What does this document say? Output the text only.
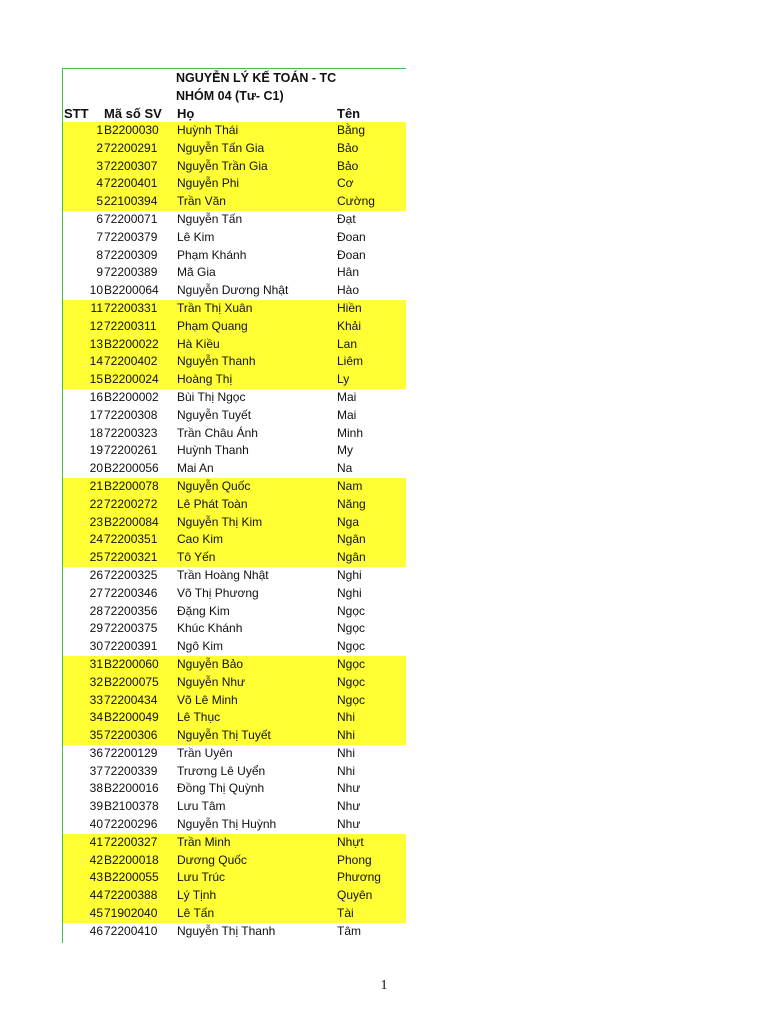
NGUYỄN LÝ KẾ TOÁN - TC
NHÓM 04 (Tư- C1)
STT Mã số SV Họ	Tên
1 B2200030 Huỳnh Thái	Bằng
2 72200291 Nguyễn Tấn Gia	Bảo
3 72200307 Nguyễn Trần Gia	Bảo
4 72200401 Nguyễn Phi	Cơ
5 22100394 Trần Văn	Cường
6 72200071 Nguyễn Tấn	Đạt
7 72200379 Lê Kim	Đoan
8 72200309 Phạm Khánh	Đoan
9 72200389 Mã Gia	Hân
10 B2200064 Nguyễn Dương Nhật	Hào
11 72200331 Trần Thị Xuân	Hiền
12 72200311 Phạm Quang	Khải
13 B2200022 Hà Kiều	Lan
14 72200402 Nguyễn Thanh	Liêm
15 B2200024 Hoàng Thị	Ly
16 B2200002 Bùi Thị Ngọc	Mai
17 72200308 Nguyễn Tuyết	Mai
18 72200323 Trần Châu Ánh	Minh
19 72200261 Huỳnh Thanh	My
20 B2200056 Mai An	Na
21 B2200078 Nguyễn Quốc	Nam
22 72200272 Lê Phát Toàn	Năng
23 B2200084 Nguyễn Thị Kim	Nga
24 72200351 Cao Kim	Ngân
25 72200321 Tô Yến	Ngân
26 72200325 Trần Hoàng Nhật	Nghi
27 72200346 Võ Thị Phương	Nghi
28 72200356 Đặng Kim	Ngọc
29 72200375 Khúc Khánh	Ngọc
30 72200391 Ngô Kim	Ngọc
31 B2200060 Nguyễn Bảo	Ngọc
32 B2200075 Nguyễn Như	Ngọc
33 72200434 Võ Lê Minh	Ngọc
34 B2200049 Lê Thục	Nhi
35 72200306 Nguyễn Thị Tuyết	Nhi
36 72200129 Trần Uyên	Nhi
37 72200339 Trương Lê Uyển	Nhi
38 B2200016 Đồng Thị Quỳnh	Như
39 B2100378 Lưu Tâm	Như
40 72200296 Nguyễn Thị Huỳnh	Như
41 72200327 Trần Minh	Nhựt
42 B2200018 Dương Quốc	Phong
43 B2200055 Lưu Trúc	Phương
44 72200388 Lý Tịnh	Quyên
45 71902040 Lê Tấn	Tài
46 72200410 Nguyễn Thị Thanh	Tâm
1
